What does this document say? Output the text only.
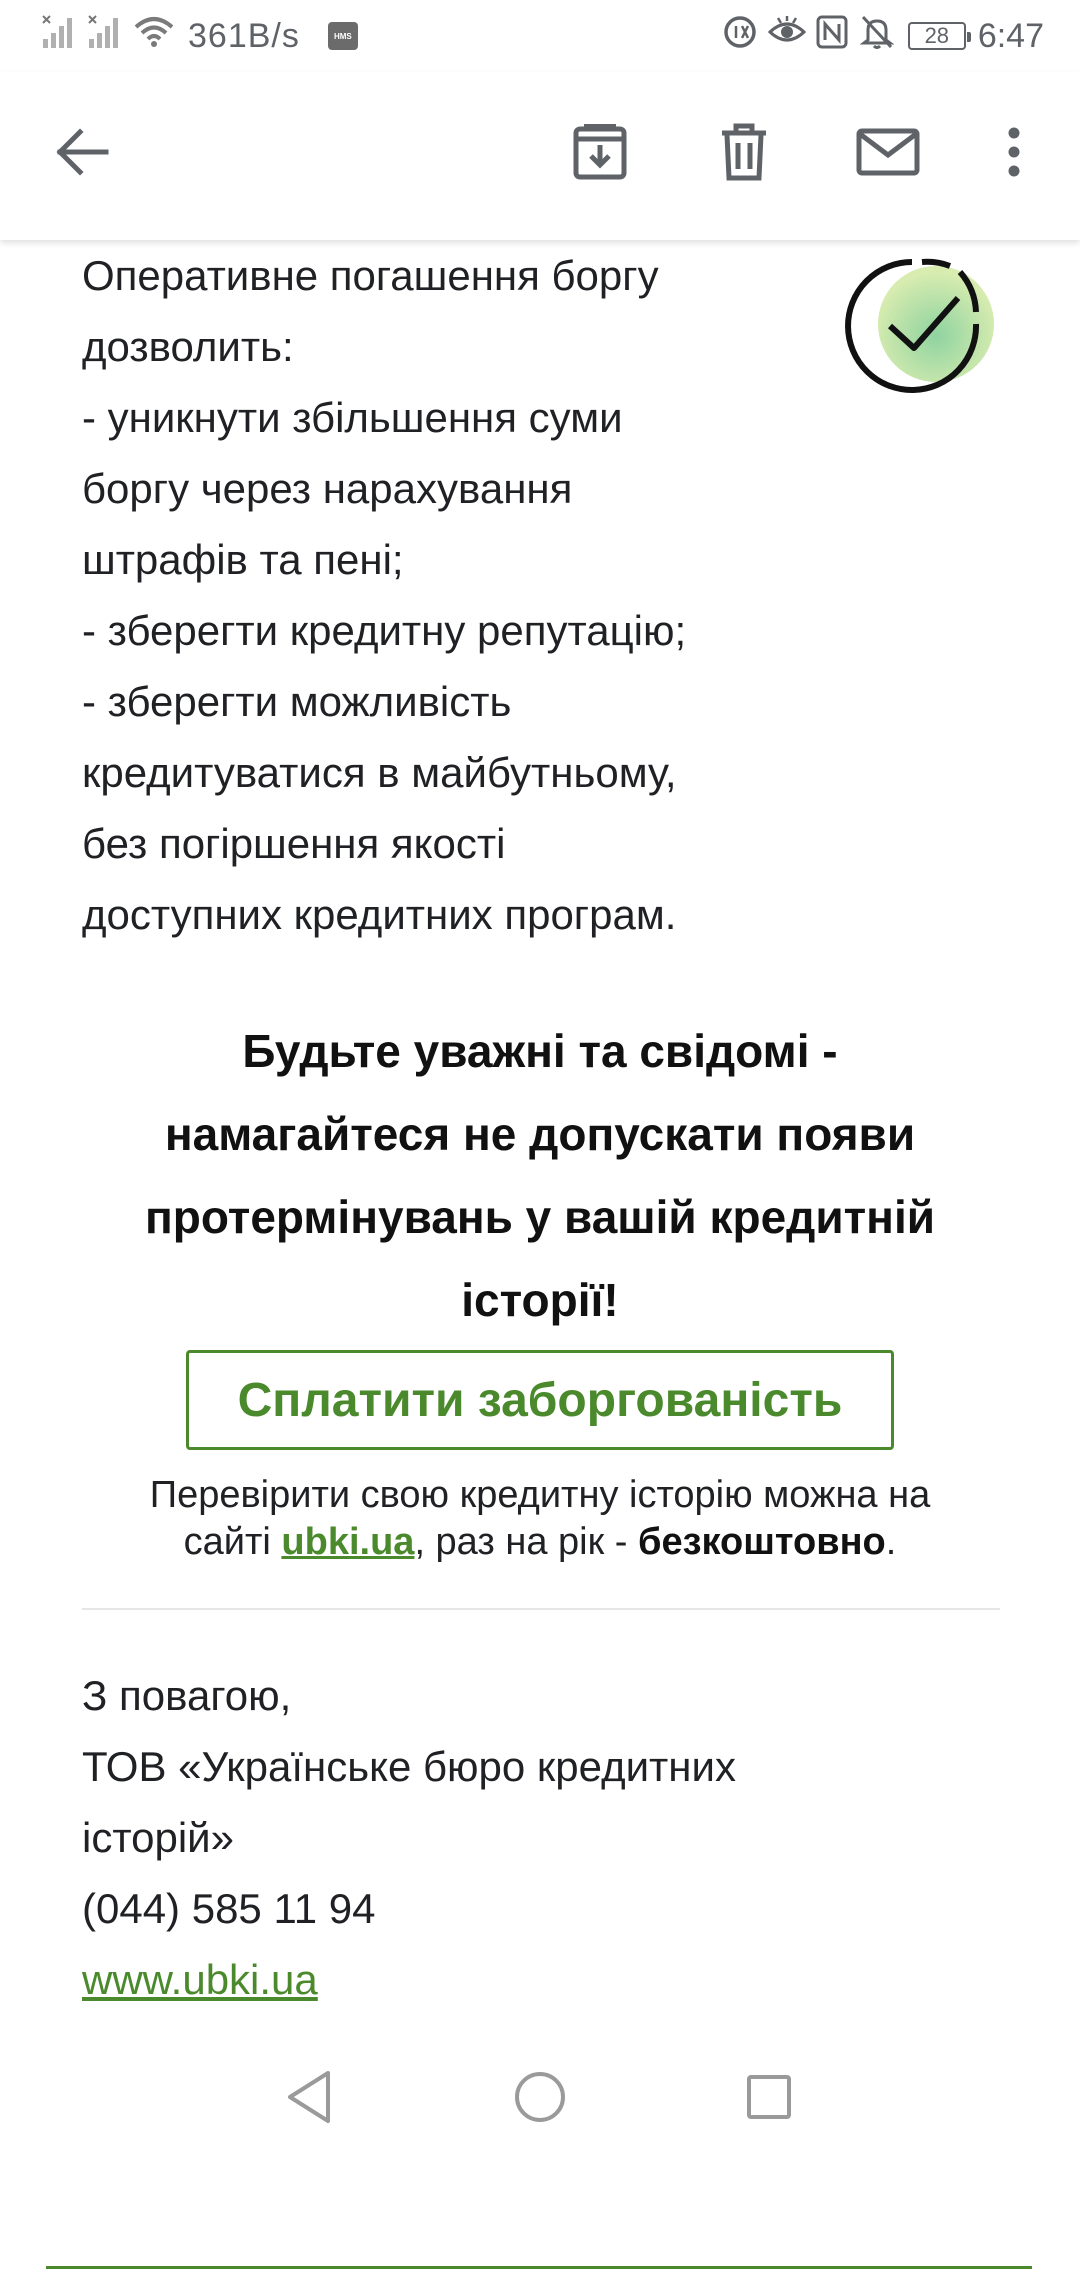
361B/s	HMS	28 6:47
Оперативне погашення боргу
дозволить:
- уникнути збільшення суми
боргу через нарахування
штрафів та пені;
- зберегти кредитну репутацію;
- зберегти можливість
кредитуватися в майбутньому,
без погіршення якості
доступних кредитних програм.
Будьте уважні та свідомі -
намагайтеся не допускати появи
протермінувань у вашій кредитній
історії!
Сплатити заборгованість
Перевірити свою кредитну історію можна на
сайті ubki.ua, раз на рік - безкоштовно.
З повагою,
ТОВ «Українське бюро кредитних
історій»
(044) 585 11 94
www.ubki.ua
